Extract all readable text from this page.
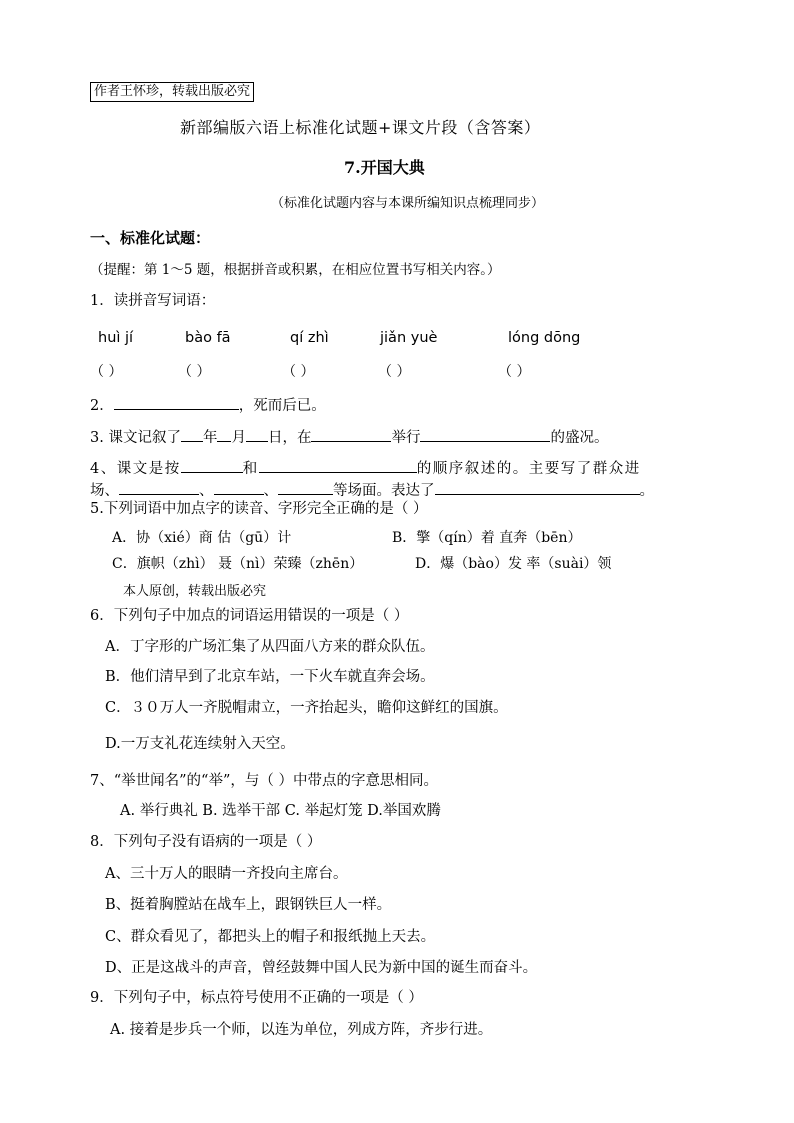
作者王怀珍，转载出版必究
新部编版六语上标准化试题+课文片段（含答案）
7.开国大典
（标准化试题内容与本课所编知识点梳理同步）
一、标准化试题：
（提醒：第 1～5 题，根据拼音或积累，在相应位置书写相关内容。）
1．读拼音写词语：
huì jí	bào fā	qí zhì	jiǎn yuè	lóng dōng
（ ）	（ ）	（ ）	（ ）	（ ）
2．	，死而后已。
3. 课文记叙了 年 月 日，在	举行	的盛况。
4、课文是按	和	的顺序叙述的。主要写了群众进
场、	、	、	等场面。表达了	。
5.下列词语中加点字的读音、字形完全正确的是（ ）
A．协（xié）商 估（gū）计	B．擎（qín）着 直奔（bēn）
C．旗帜（zhì） 聂（nì）荣臻（zhēn）	D．爆（bào）发 率（suài）领
本人原创，转载出版必究
6．下列句子中加点的词语运用错误的一项是（ ）
A．丁字形的广场汇集了从四面八方来的群众队伍。
B．他们清早到了北京车站，一下火车就直奔会场。
C．３０万人一齐脱帽肃立，一齐抬起头，瞻仰这鲜红的国旗。
D.一万支礼花连续射入天空。
7、“举世闻名”的“举”，与（ ）中带点的字意思相同。
A. 举行典礼 B. 选举干部 C. 举起灯笼 D.举国欢腾
8．下列句子没有语病的一项是（ ）
A、三十万人的眼睛一齐投向主席台。
B、挺着胸膛站在战车上，跟钢铁巨人一样。
C、群众看见了，都把头上的帽子和报纸抛上天去。
D、正是这战斗的声音，曾经鼓舞中国人民为新中国的诞生而奋斗。
9．下列句子中，标点符号使用不正确的一项是（ ）
A. 接着是步兵一个师，以连为单位，列成方阵，齐步行进。
